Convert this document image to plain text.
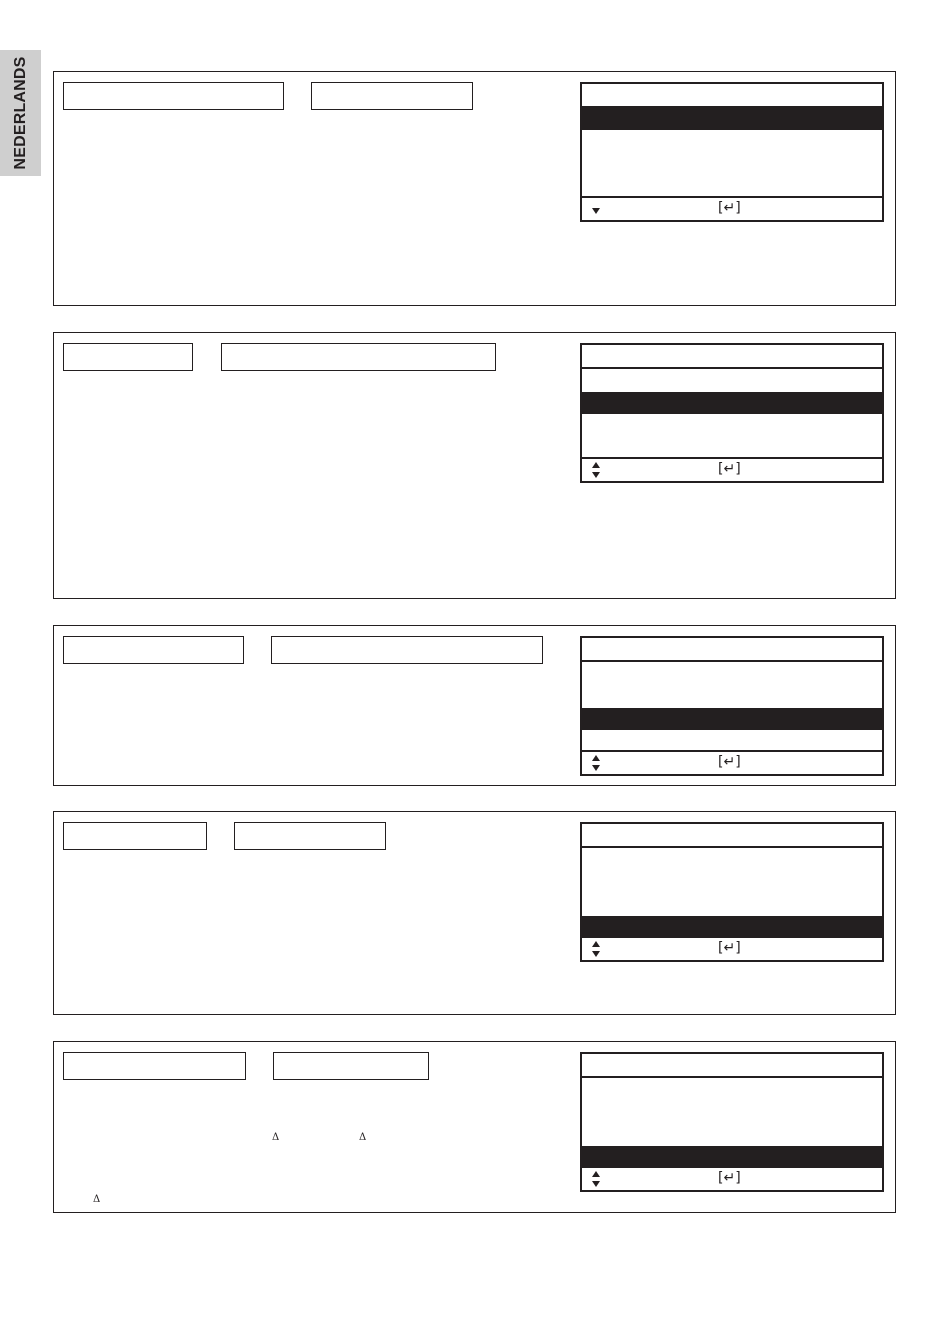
NEDERLANDS
[↵]
[↵]
[↵]
[↵]
Δ	Δ
Δ
[↵]
